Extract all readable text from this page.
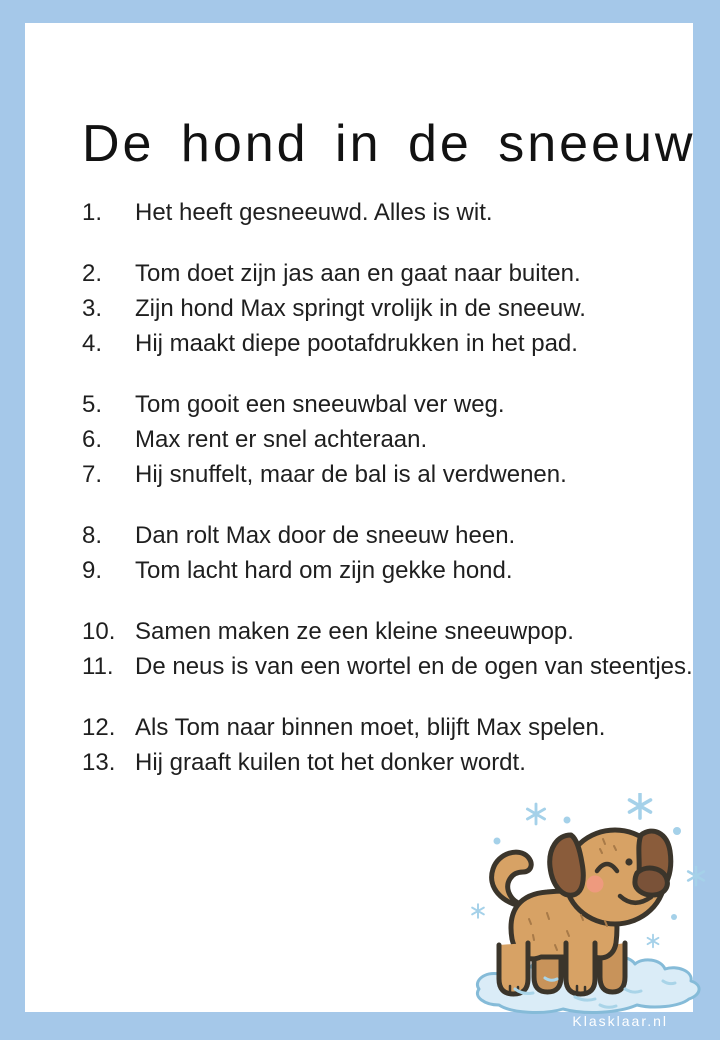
De hond in de sneeuw
1.	Het heeft gesneeuwd. Alles is wit.
2.	Tom doet zijn jas aan en gaat naar buiten.
3.	Zijn hond Max springt vrolijk in de sneeuw.
4.	Hij maakt diepe pootafdrukken in het pad.
5.	Tom gooit een sneeuwbal ver weg.
6.	Max rent er snel achteraan.
7.	Hij snuffelt, maar de bal is al verdwenen.
8.	Dan rolt Max door de sneeuw heen.
9.	Tom lacht hard om zijn gekke hond.
10. Samen maken ze een kleine sneeuwpop.
11. De neus is van een wortel en de ogen van steentjes.
12. Als Tom naar binnen moet, blijft Max spelen.
13. Hij graaft kuilen tot het donker wordt.
Klasklaar.nl
